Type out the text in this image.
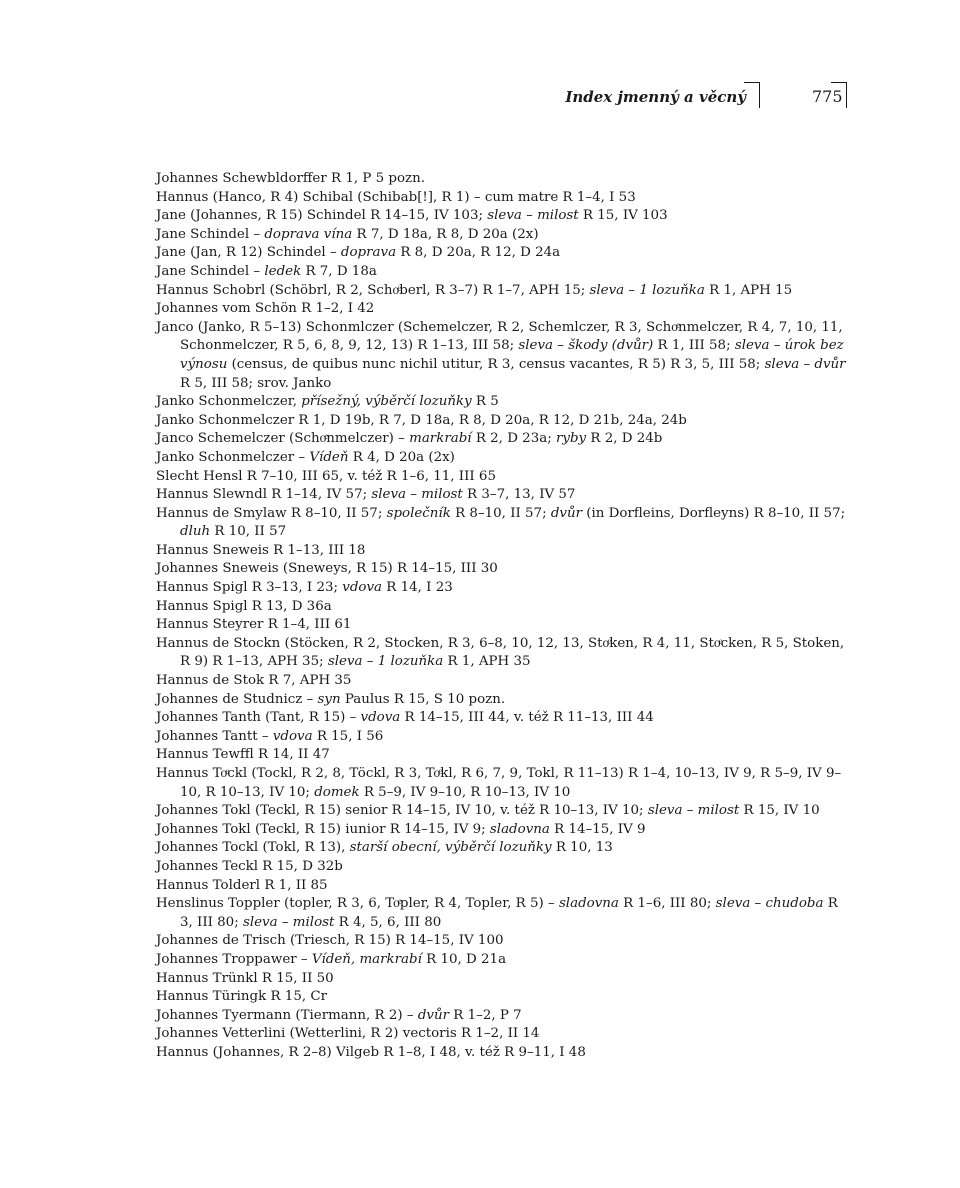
Index jmenný a věcný	775
Johannes Schewbldorffer R 1, P 5 pozn.
Hannus (Hanco, R 4) Schibal (Schibab[!], R 1) – cum matre R 1–4, I 53
Jane (Johannes, R 15) Schindel R 14–15, IV 103; sleva – milost R 15, IV 103
Jane Schindel – doprava vína R 7, D 18a, R 8, D 20a (2x)
Jane (Jan, R 12) Schindel – doprava R 8, D 20a, R 12, D 24a
Jane Schindel – ledek R 7, D 18a
Hannus Schobrl (Schöbrl, R 2, Schoͤberl, R 3–7) R 1–7, APH 15; sleva – 1 lozuňka R 1, APH 15
Johannes vom Schön R 1–2, I 42
Janco (Janko, R 5–13) Schonmlczer (Schemelczer, R 2, Schemlczer, R 3, Schoͤnmelczer, R 4, 7, 10, 11, Schonmelczer, R 5, 6, 8, 9, 12, 13) R 1–13, III 58; sleva – škody (dvůr) R 1, III 58; sleva – úrok bez výnosu (census, de quibus nunc nichil utitur, R 3, census vacantes, R 5) R 3, 5, III 58; sleva – dvůr R 5, III 58; srov. Janko
Janko Schonmelczer, přísežný, výběrčí lozuňky R 5
Janko Schonmelczer R 1, D 19b, R 7, D 18a, R 8, D 20a, R 12, D 21b, 24a, 24b
Janco Schemelczer (Schoͤnmelczer) – markrabí R 2, D 23a; ryby R 2, D 24b
Janko Schonmelczer – Vídeň R 4, D 20a (2x)
Slecht Hensl R 7–10, III 65, v. též R 1–6, 11, III 65
Hannus Slewndl R 1–14, IV 57; sleva – milost R 3–7, 13, IV 57
Hannus de Smylaw R 8–10, II 57; společník R 8–10, II 57; dvůr (in Dorfleins, Dorfleyns) R 8–10, II 57; dluh R 10, II 57
Hannus Sneweis R 1–13, III 18
Johannes Sneweis (Sneweys, R 15) R 14–15, III 30
Hannus Spigl R 3–13, I 23; vdova R 14, I 23
Hannus Spigl R 13, D 36a
Hannus Steyrer R 1–4, III 61
Hannus de Stockn (Stöcken, R 2, Stocken, R 3, 6–8, 10, 12, 13, Stoͤken, R 4, 11, Stoͤcken, R 5, Stoken, R 9) R 1–13, APH 35; sleva – 1 lozuňka R 1, APH 35
Hannus de Stok R 7, APH 35
Johannes de Studnicz – syn Paulus R 15, S 10 pozn.
Johannes Tanth (Tant, R 15) – vdova R 14–15, III 44, v. též R 11–13, III 44
Johannes Tantt – vdova R 15, I 56
Hannus Tewffl R 14, II 47
Hannus Toͤckl (Tockl, R 2, 8, Töckl, R 3, Toͤkl, R 6, 7, 9, Tokl, R 11–13) R 1–4, 10–13, IV 9, R 5–9, IV 9–10, R 10–13, IV 10; domek R 5–9, IV 9–10, R 10–13, IV 10
Johannes Tokl (Teckl, R 15) senior R 14–15, IV 10, v. též R 10–13, IV 10; sleva – milost R 15, IV 10
Johannes Tokl (Teckl, R 15) iunior R 14–15, IV 9; sladovna R 14–15, IV 9
Johannes Tockl (Tokl, R 13), starší obecní, výběrčí lozuňky R 10, 13
Johannes Teckl R 15, D 32b
Hannus Tolderl R 1, II 85
Henslinus Toppler (topler, R 3, 6, Toͤpler, R 4, Topler, R 5) – sladovna R 1–6, III 80; sleva – chudoba R 3, III 80; sleva – milost R 4, 5, 6, III 80
Johannes de Trisch (Triesch, R 15) R 14–15, IV 100
Johannes Troppawer – Vídeň, markrabí R 10, D 21a
Hannus Trünkl R 15, II 50
Hannus Türingk R 15, Cr
Johannes Tyermann (Tiermann, R 2) – dvůr R 1–2, P 7
Johannes Vetterlini (Wetterlini, R 2) vectoris R 1–2, II 14
Hannus (Johannes, R 2–8) Vilgeb R 1–8, I 48, v. též R 9–11, I 48
